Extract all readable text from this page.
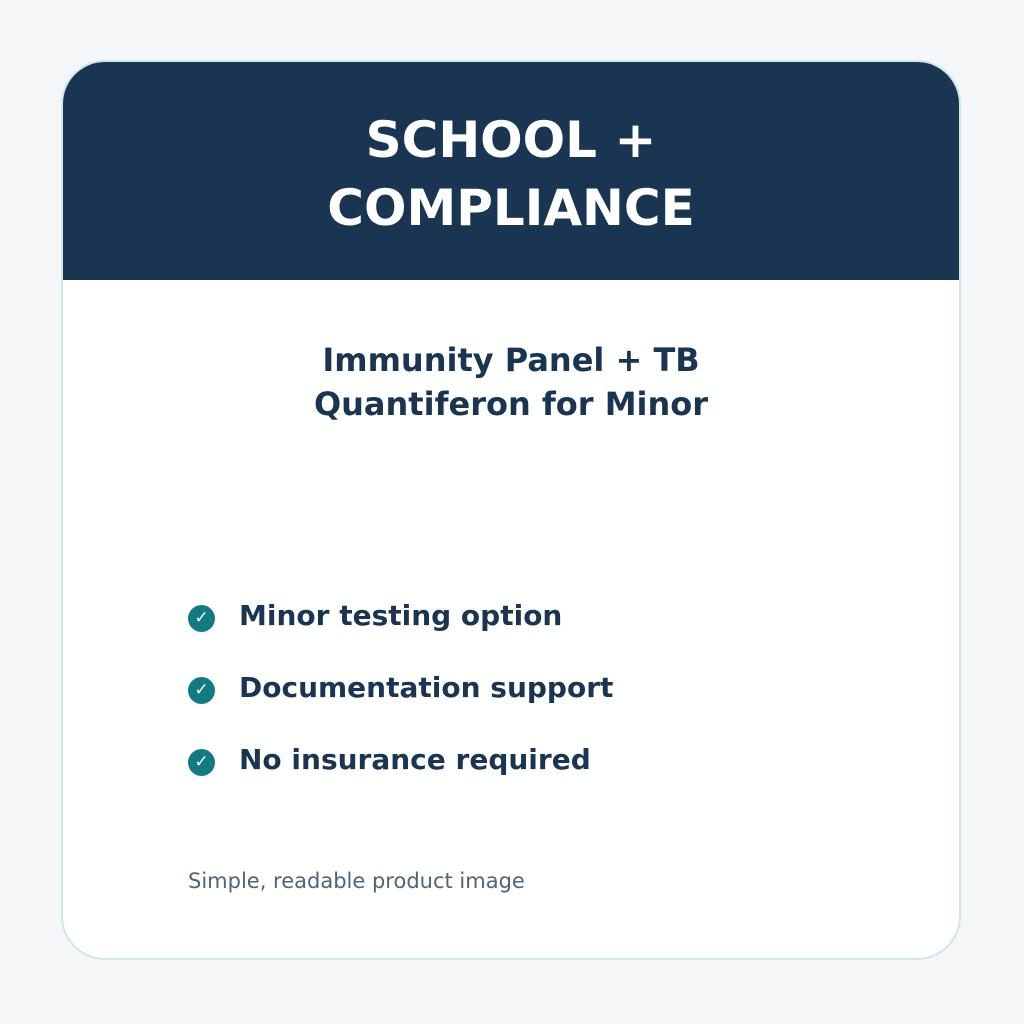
SCHOOL + COMPLIANCE
Immunity Panel + TB
Quantiferon for Minor
✓ Minor testing option
✓ Documentation support
✓ No insurance required
Simple, readable product image
